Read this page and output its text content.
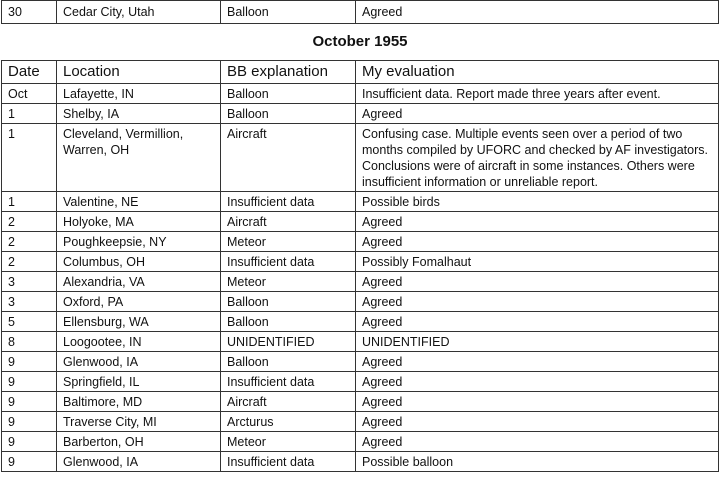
30	Cedar City, Utah	Balloon	Agreed
October 1955
Date	Location	BB explanation	My evaluation
Oct	Lafayette, IN	Balloon	Insufficient data. Report made three years after event.
1	Shelby, IA	Balloon	Agreed
1	Cleveland, Vermillion, Warren, OH	Aircraft	Confusing case. Multiple events seen over a period of two months compiled by UFORC and checked by AF investigators. Conclusions were of aircraft in some instances. Others were insufficient information or unreliable report.
1	Valentine, NE	Insufficient data	Possible birds
2	Holyoke, MA	Aircraft	Agreed
2	Poughkeepsie, NY	Meteor	Agreed
2	Columbus, OH	Insufficient data	Possibly Fomalhaut
3	Alexandria, VA	Meteor	Agreed
3	Oxford, PA	Balloon	Agreed
5	Ellensburg, WA	Balloon	Agreed
8	Loogootee, IN	UNIDENTIFIED	UNIDENTIFIED
9	Glenwood, IA	Balloon	Agreed
9	Springfield, IL	Insufficient data	Agreed
9	Baltimore, MD	Aircraft	Agreed
9	Traverse City, MI	Arcturus	Agreed
9	Barberton, OH	Meteor	Agreed
9	Glenwood, IA	Insufficient data	Possible balloon
